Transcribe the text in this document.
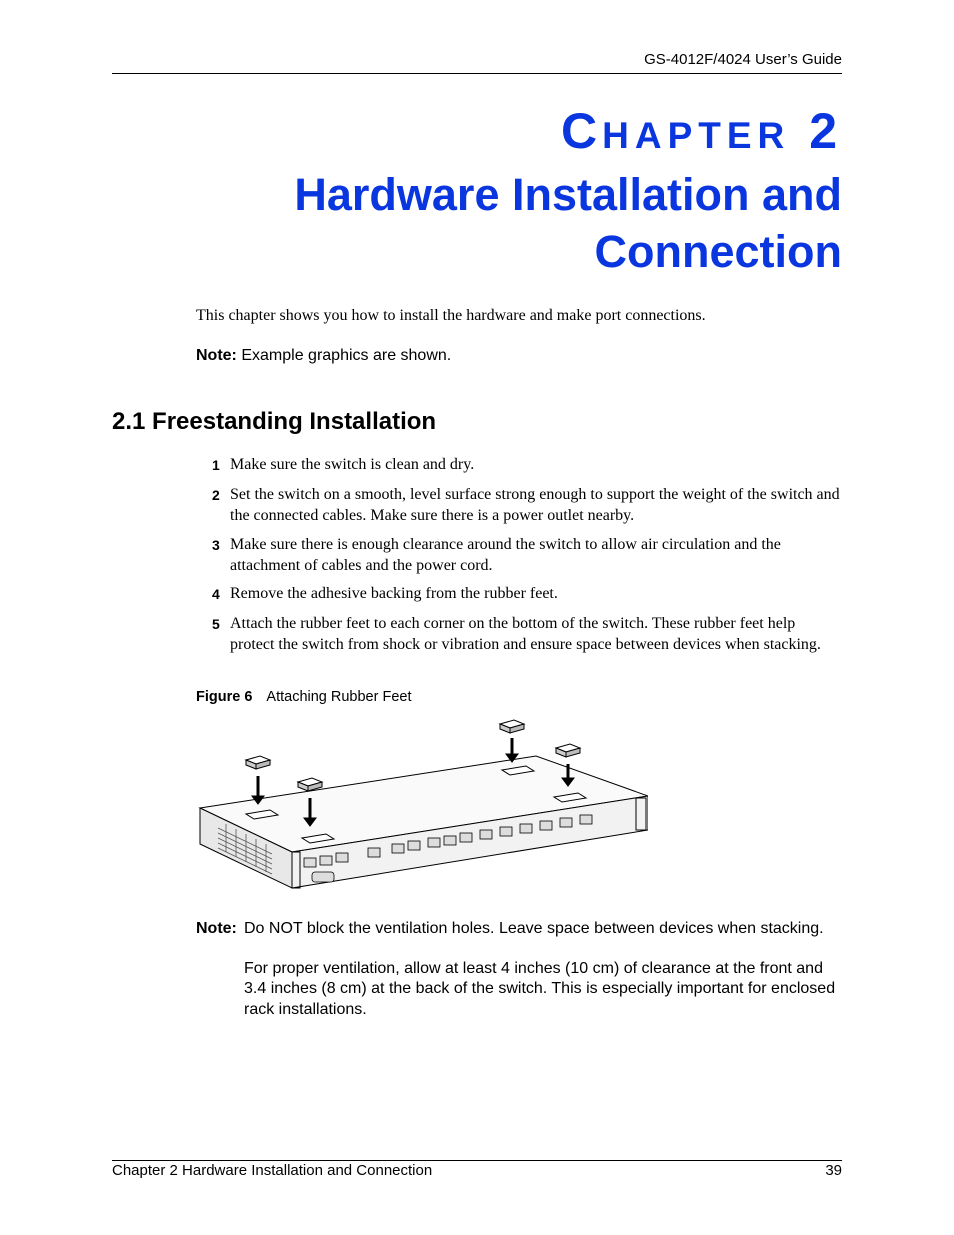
GS-4012F/4024 User’s Guide
CHAPTER 2
Hardware Installation and
Connection
This chapter shows you how to install the hardware and make port connections.
Note: Example graphics are shown.
2.1 Freestanding Installation
1 Make sure the switch is clean and dry.
2 Set the switch on a smooth, level surface strong enough to support the weight of the switch and the connected cables. Make sure there is a power outlet nearby.
3 Make sure there is enough clearance around the switch to allow air circulation and the attachment of cables and the power cord.
4 Remove the adhesive backing from the rubber feet.
5 Attach the rubber feet to each corner on the bottom of the switch. These rubber feet help protect the switch from shock or vibration and ensure space between devices when stacking.
Figure 6 Attaching Rubber Feet
Note: Do NOT block the ventilation holes. Leave space between devices when stacking.
For proper ventilation, allow at least 4 inches (10 cm) of clearance at the front and 3.4 inches (8 cm) at the back of the switch. This is especially important for enclosed rack installations.
Chapter 2 Hardware Installation and Connection	39
